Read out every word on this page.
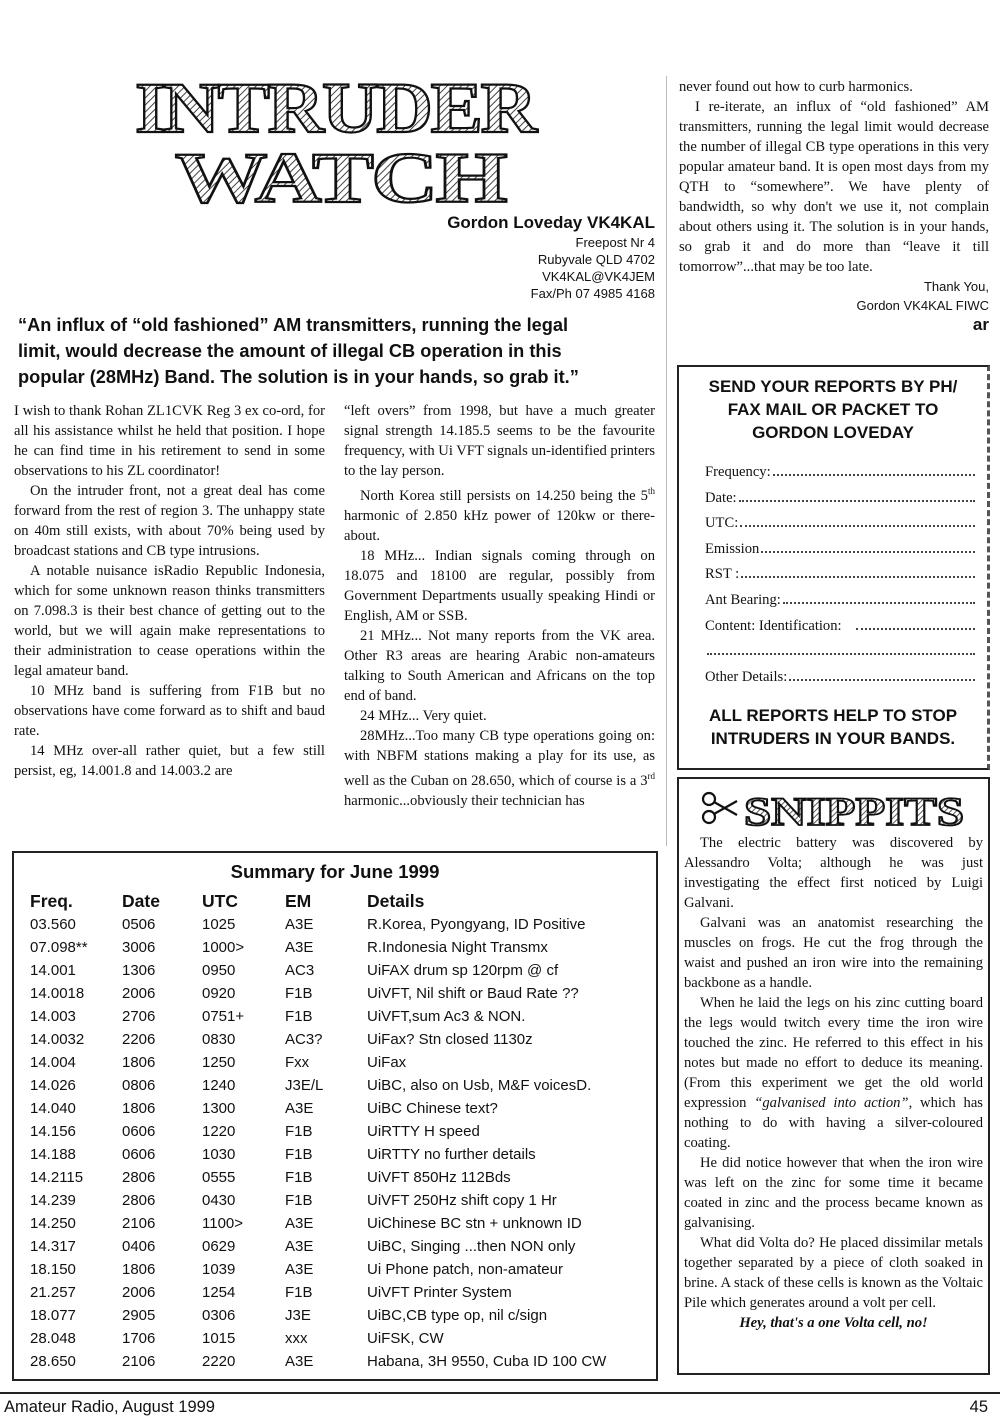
INTRUDER
WATCH
Gordon Loveday VK4KAL
Freepost Nr 4
Rubyvale QLD 4702
VK4KAL@VK4JEM
Fax/Ph 07 4985 4168
“An influx of “old fashioned” AM transmitters, running the legal
limit, would decrease the amount of illegal CB operation in this
popular (28MHz) Band. The solution is in your hands, so grab it.”

I wish to thank Rohan ZL1CVK Reg 3 ex co-ord, for all his assistance whilst he held that position. I hope he can find time in his retirement to send in some observations to his ZL coordinator!

On the intruder front, not a great deal has come forward from the rest of region 3. The unhappy state on 40m still exists, with about 70% being used by broadcast stations and CB type intrusions.

A notable nuisance isRadio Republic Indonesia, which for some unknown reason thinks transmitters on 7.098.3 is their best chance of getting out to the world, but we will again make representations to their administration to cease operations within the legal amateur band.

10 MHz band is suffering from F1B but no observations have come forward as to shift and baud rate.

14 MHz over-all rather quiet, but a few still persist, eg, 14.001.8 and 14.003.2 are

“left overs” from 1998, but have a much greater signal strength 14.185.5 seems to be the favourite frequency, with Ui VFT signals un-identified printers to the lay person.

North Korea still persists on 14.250 being the 5th harmonic of 2.850 kHz power of 120kw or there-about.

18 MHz... Indian signals coming through on 18.075 and 18100 are regular, possibly from Government Departments usually speaking Hindi or English, AM or SSB.

21 MHz... Not many reports from the VK area. Other R3 areas are hearing Arabic non-amateurs talking to South American and Africans on the top end of band.

24 MHz... Very quiet.

28MHz...Too many CB type operations going on: with NBFM stations making a play for its use, as well as the Cuban on 28.650, which of course is a 3rd harmonic...obviously their technician has

never found out how to curb harmonics.

I re-iterate, an influx of “old fashioned” AM transmitters, running the legal limit would decrease the number of illegal CB type operations in this very popular amateur band. It is open most days from my QTH to “somewhere”. We have plenty of bandwidth, so why don't we use it, not complain about others using it. The solution is in your hands, so grab it and do more than “leave it till tomorrow”...that may be too late.

Thank You,

Gordon VK4KAL FIWC

ar

SEND YOUR REPORTS BY PH/
FAX MAIL OR PACKET TO
GORDON LOVEDAY
Frequency:
Date:
UTC:
Emission
RST :
Ant Bearing:
Content: Identification:
Other Details:
ALL REPORTS HELP TO STOP
INTRUDERS IN YOUR BANDS.
SNIPPITS

The electric battery was discovered by Alessandro Volta; although he was just investigating the effect first noticed by Luigi Galvani.

Galvani was an anatomist researching the muscles on frogs. He cut the frog through the waist and pushed an iron wire into the remaining backbone as a handle.

When he laid the legs on his zinc cutting board the legs would twitch every time the iron wire touched the zinc. He referred to this effect in his notes but made no effort to deduce its meaning. (From this experiment we get the old world expression “galvanised into action”, which has nothing to do with having a silver-coloured coating.

He did notice however that when the iron wire was left on the zinc for some time it became coated in zinc and the process became known as galvanising.

What did Volta do? He placed dissimilar metals together separated by a piece of cloth soaked in brine. A stack of these cells is known as the Voltaic Pile which generates around a volt per cell.

Hey, that's a one Volta cell, no!

Summary for June 1999
Freq.	Date	UTC	EM	Details
03.560	0506	1025	A3E	R.Korea, Pyongyang, ID Positive
07.098**	3006	1000>	A3E	R.Indonesia Night Transmx
14.001	1306	0950	AC3	UiFAX drum sp 120rpm @ cf
14.0018	2006	0920	F1B	UiVFT, Nil shift or Baud Rate ??
14.003	2706	0751+	F1B	UiVFT,sum Ac3 & NON.
14.0032	2206	0830	AC3?	UiFax? Stn closed 1130z
14.004	1806	1250	Fxx	UiFax
14.026	0806	1240	J3E/L	UiBC, also on Usb, M&F voicesD.
14.040	1806	1300	A3E	UiBC Chinese text?
14.156	0606	1220	F1B	UiRTTY H speed
14.188	0606	1030	F1B	UiRTTY no further details
14.2115	2806	0555	F1B	UiVFT 850Hz 112Bds
14.239	2806	0430	F1B	UiVFT 250Hz shift copy 1 Hr
14.250	2106	1100>	A3E	UiChinese BC stn + unknown ID
14.317	0406	0629	A3E	UiBC, Singing ...then NON only
18.150	1806	1039	A3E	Ui Phone patch, non-amateur
21.257	2006	1254	F1B	UiVFT Printer System
18.077	2905	0306	J3E	UiBC,CB type op, nil c/sign
28.048	1706	1015	xxx	UiFSK, CW
28.650	2106	2220	A3E	Habana, 3H 9550, Cuba ID 100 CW
Amateur Radio, August 1999	45
